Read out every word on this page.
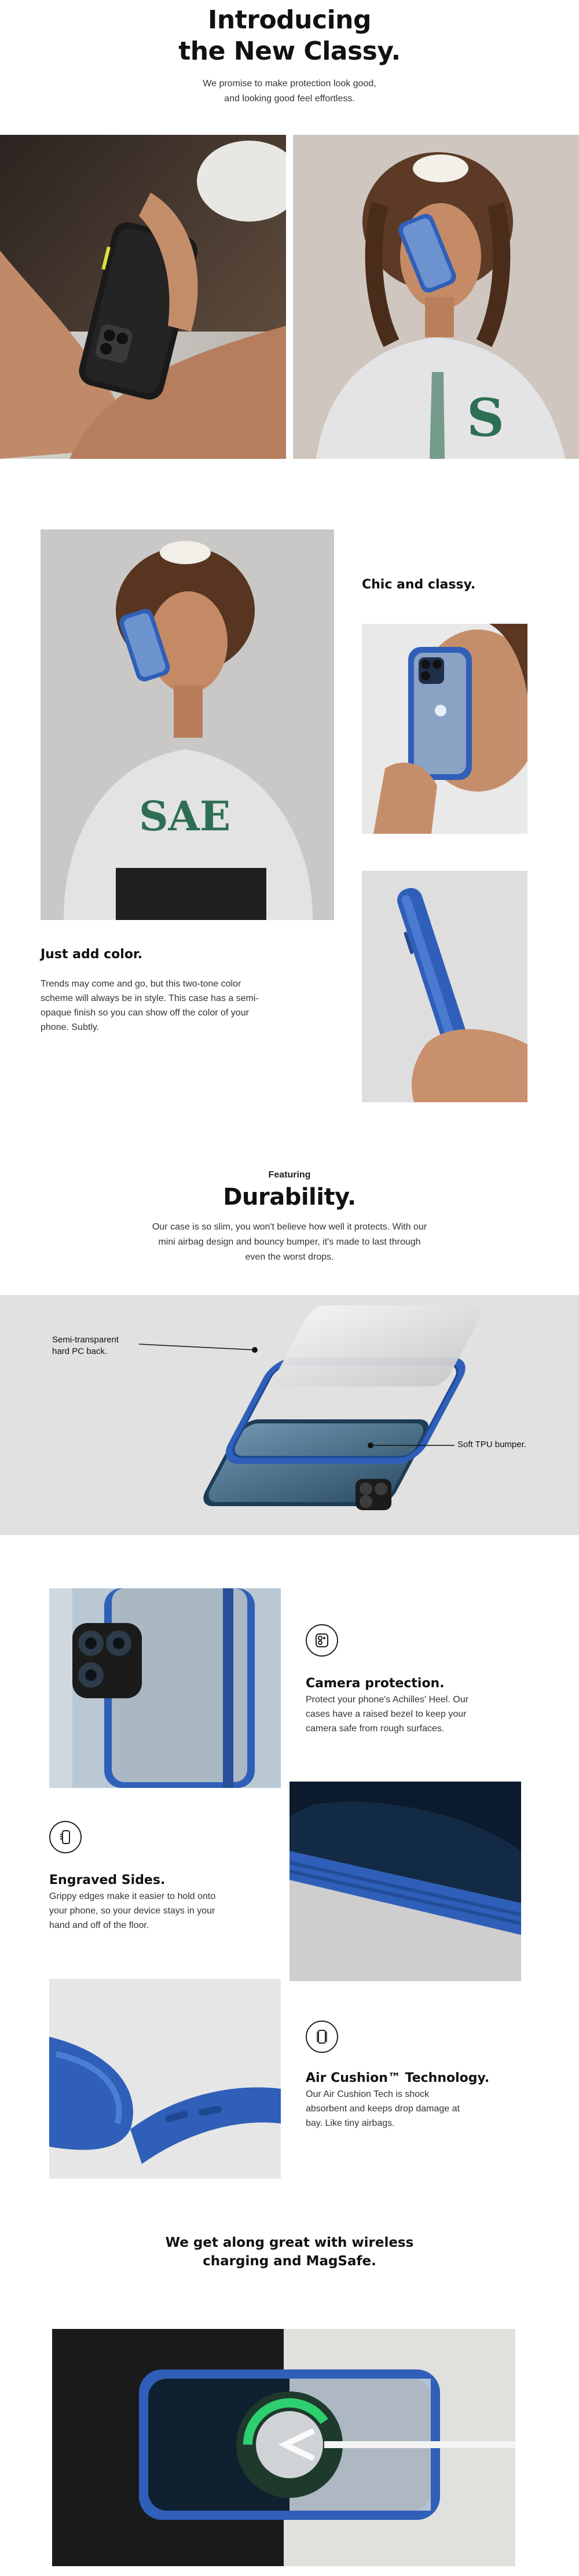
Introducing
the New Classy.
We promise to make protection look good,
and looking good feel effortless.
S
SAE
Chic and classy.
Just add color.
Trends may come and go, but this two-tone color
scheme will always be in style. This case has a semi-
opaque finish so you can show off the color of your
phone. Subtly.
Featuring
Durability.
Our case is so slim, you won't believe how well it protects. With our
mini airbag design and bouncy bumper, it's made to last through
even the worst drops.
Semi-transparent
hard PC back.
Soft TPU bumper.
Camera protection.
Protect your phone's Achilles' Heel. Our
cases have a raised bezel to keep your
camera safe from rough surfaces.
Engraved Sides.
Grippy edges make it easier to hold onto
your phone, so your device stays in your
hand and off of the floor.
Air Cushion™ Technology.
Our Air Cushion Tech is shock
absorbent and keeps drop damage at
bay. Like tiny airbags.
We get along great with wireless
charging and MagSafe.
